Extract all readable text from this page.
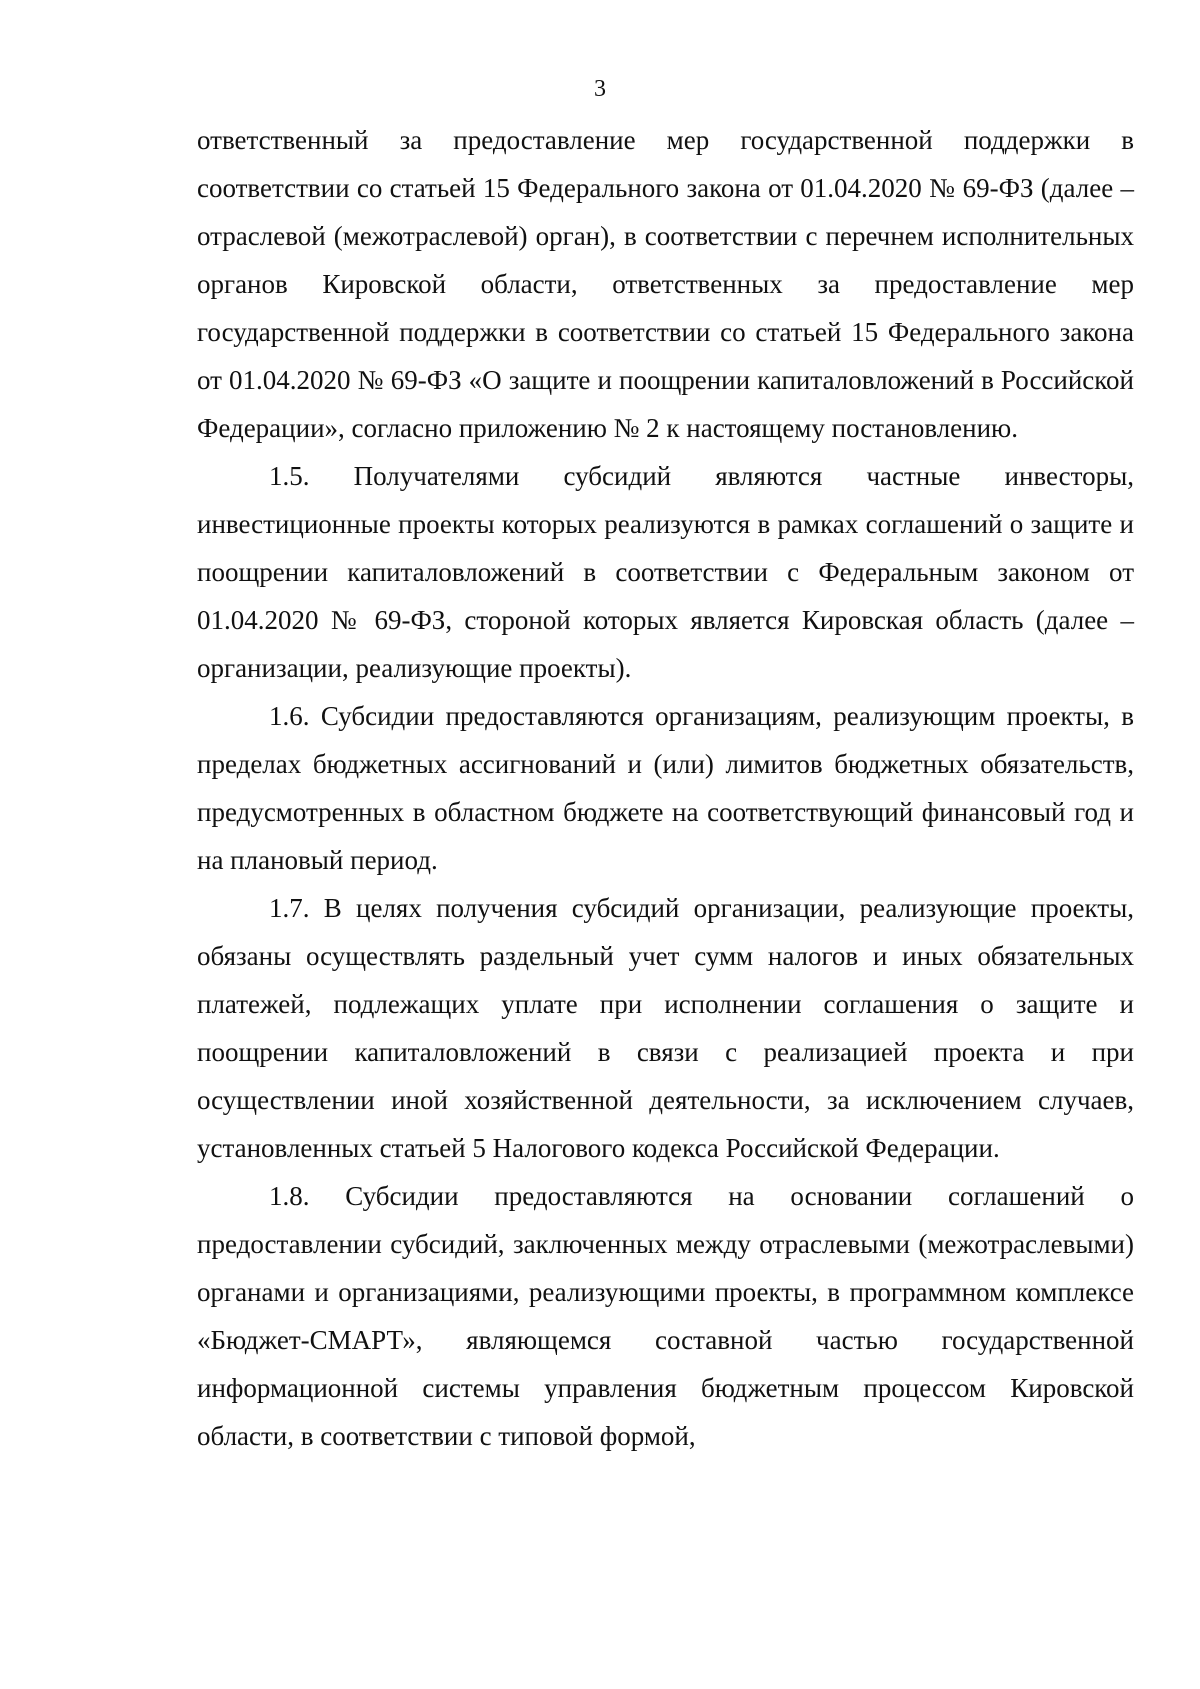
3

ответственный за предоставление мер государственной поддержки в соответствии со статьей 15 Федерального закона от 01.04.2020 № 69-ФЗ (далее – отраслевой (межотраслевой) орган), в соответствии с перечнем исполнительных органов Кировской области, ответственных за предоставление мер государственной поддержки в соответствии со статьей 15 Федерального закона от 01.04.2020 № 69-ФЗ «О защите и поощрении капиталовложений в Российской Федерации», согласно приложению № 2 к настоящему постановлению.

1.5. Получателями субсидий являются частные инвесторы, инвестиционные проекты которых реализуются в рамках соглашений о защите и поощрении капиталовложений в соответствии с Федеральным законом от 01.04.2020 № 69-ФЗ, стороной которых является Кировская область (далее – организации, реализующие проекты).

1.6. Субсидии предоставляются организациям, реализующим проекты, в пределах бюджетных ассигнований и (или) лимитов бюджетных обязательств, предусмотренных в областном бюджете на соответствующий финансовый год и на плановый период.

1.7. В целях получения субсидий организации, реализующие проекты, обязаны осуществлять раздельный учет сумм налогов и иных обязательных платежей, подлежащих уплате при исполнении соглашения о защите и поощрении капиталовложений в связи с реализацией проекта и при осуществлении иной хозяйственной деятельности, за исключением случаев, установленных статьей 5 Налогового кодекса Российской Федерации.

1.8. Субсидии предоставляются на основании соглашений о предоставлении субсидий, заключенных между отраслевыми (межотраслевыми) органами и организациями, реализующими проекты, в программном комплексе «Бюджет-СМАРТ», являющемся составной частью государственной информационной системы управления бюджетным процессом Кировской области, в соответствии с типовой формой,
